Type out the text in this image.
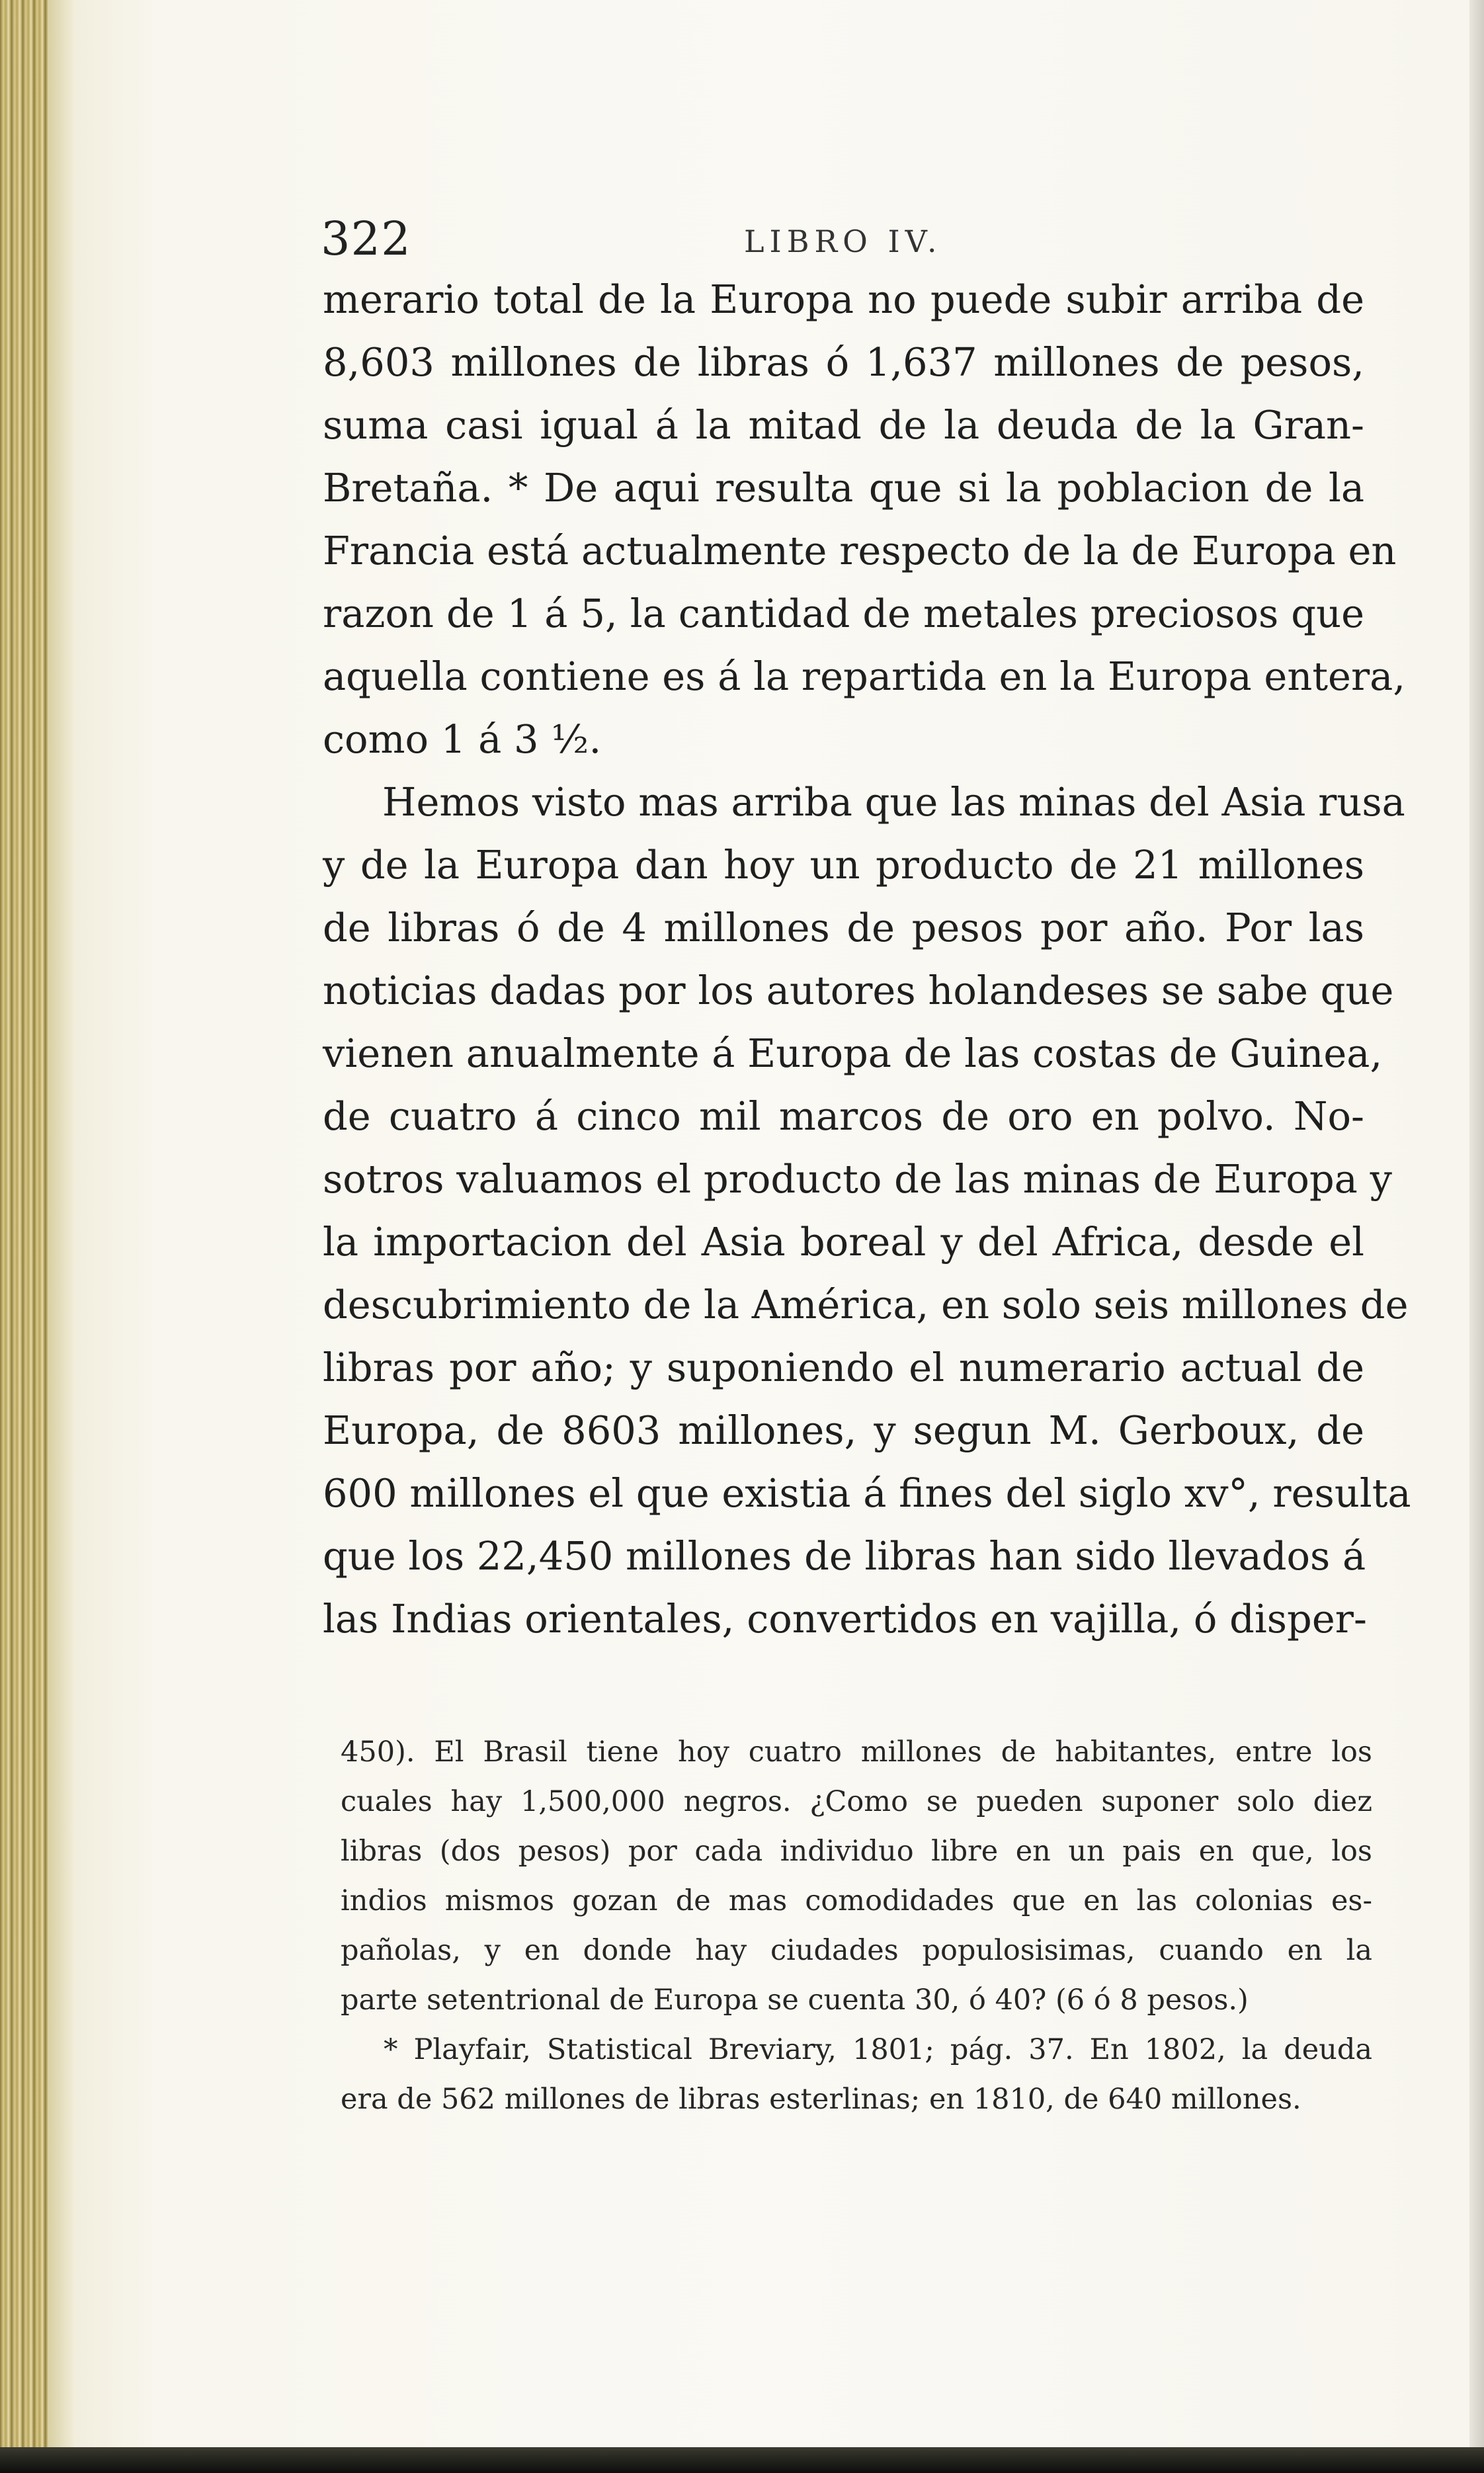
322	LIBRO IV.
merario total de la Europa no puede subir arriba de
8,603 millones de libras ó 1,637 millones de pesos,
suma casi igual á la mitad de la deuda de la Gran-
Bretaña. * De aqui resulta que si la poblacion de la
Francia está actualmente respecto de la de Europa en
razon de 1 á 5, la cantidad de metales preciosos que
aquella contiene es á la repartida en la Europa entera,
como 1 á 3 ½.
Hemos visto mas arriba que las minas del Asia rusa
y de la Europa dan hoy un producto de 21 millones
de libras ó de 4 millones de pesos por año. Por las
noticias dadas por los autores holandeses se sabe que
vienen anualmente á Europa de las costas de Guinea,
de cuatro á cinco mil marcos de oro en polvo. No-
sotros valuamos el producto de las minas de Europa y
la importacion del Asia boreal y del Africa, desde el
descubrimiento de la América, en solo seis millones de
libras por año; y suponiendo el numerario actual de
Europa, de 8603 millones, y segun M. Gerboux, de
600 millones el que existia á fines del siglo xv°, resulta
que los 22,450 millones de libras han sido llevados á
las Indias orientales, convertidos en vajilla, ó disper-
450). El Brasil tiene hoy cuatro millones de habitantes, entre los
cuales hay 1,500,000 negros. ¿Como se pueden suponer solo diez
libras (dos pesos) por cada individuo libre en un pais en que, los
indios mismos gozan de mas comodidades que en las colonias es-
pañolas, y en donde hay ciudades populosisimas, cuando en la
parte setentrional de Europa se cuenta 30, ó 40? (6 ó 8 pesos.)
* Playfair, Statistical Breviary, 1801; pág. 37. En 1802, la deuda
era de 562 millones de libras esterlinas; en 1810, de 640 millones.
